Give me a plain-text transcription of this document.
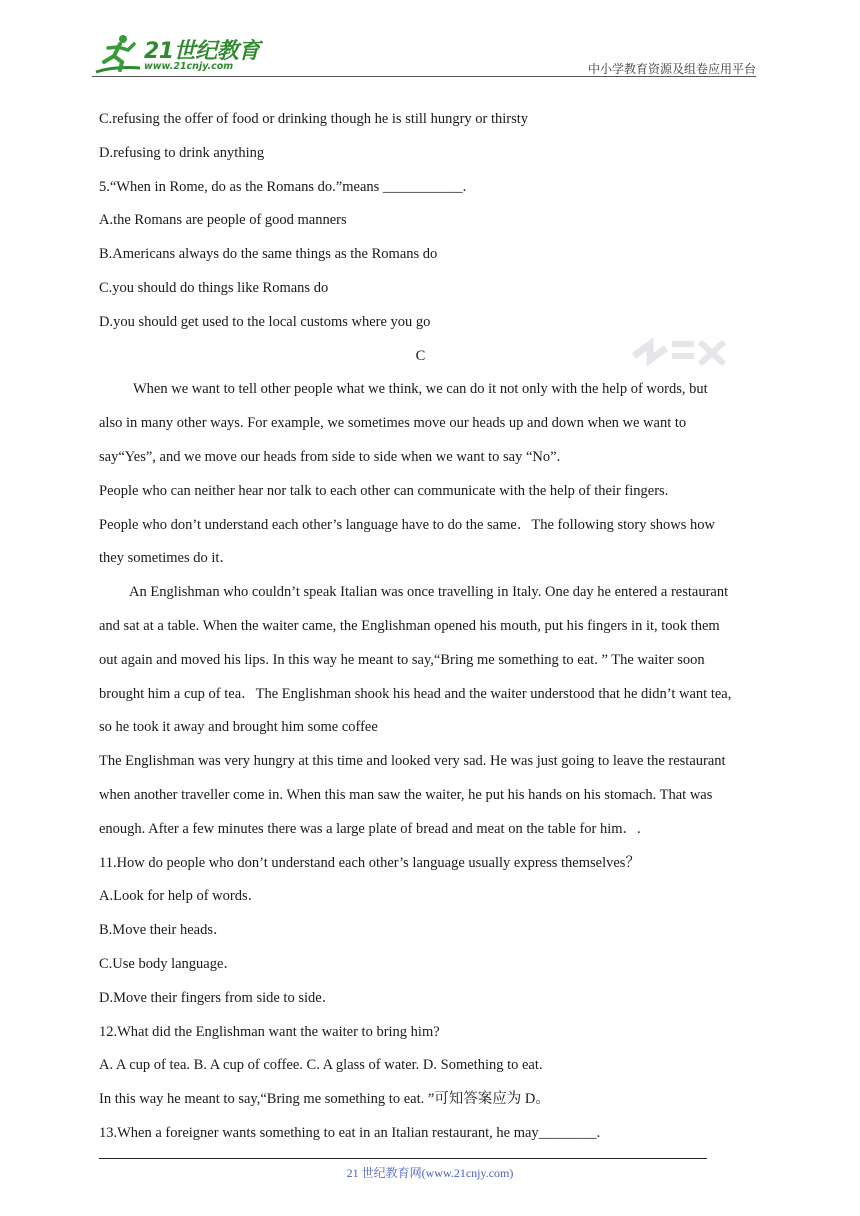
21世纪教育
www.21cnjy.com	中小学教育资源及组卷应用平台
C.refusing the offer of food or drinking though he is still hungry or thirsty
D.refusing to drink anything
5.“When in Rome, do as the Romans do.”means ___________.
A.the Romans are people of good manners
B.Americans always do the same things as the Romans do
C.you should do things like Romans do
D.you should get used to the local customs where you go
C
When we want to tell other people what we think, we can do it not only with the help of words, but
also in many other ways. For example, we sometimes move our heads up and down when we want to
say“Yes”, and we move our heads from side to side when we want to say “No”.
People who can neither hear nor talk to each other can communicate with the help of their fingers.
People who don’t understand each other’s language have to do the same．The following story shows how
they sometimes do it．
An Englishman who couldn’t speak Italian was once travelling in Italy. One day he entered a restaurant
and sat at a table. When the waiter came, the Englishman opened his mouth, put his fingers in it, took them
out again and moved his lips. In this way he meant to say,“Bring me something to eat. ” The waiter soon
brought him a cup of tea．The Englishman shook his head and the waiter understood that he didn’t want tea,
so he took it away and brought him some coffee
The Englishman was very hungry at this time and looked very sad. He was just going to leave the restaurant
when another traveller come in. When this man saw the waiter, he put his hands on his stomach. That was
enough. After a few minutes there was a large plate of bread and meat on the table for him．.
11.How do people who don’t understand each other’s language usually express themselves？
A.Look for help of words．
B.Move their heads．
C.Use body language．
D.Move their fingers from side to side．
12.What did the Englishman want the waiter to bring him?
A. A cup of tea. B. A cup of coffee. C. A glass of water. D. Something to eat.
In this way he meant to say,“Bring me something to eat. ”可知答案应为 D。
13.When a foreigner wants something to eat in an Italian restaurant, he may________.
21 世纪教育网(www.21cnjy.com)
